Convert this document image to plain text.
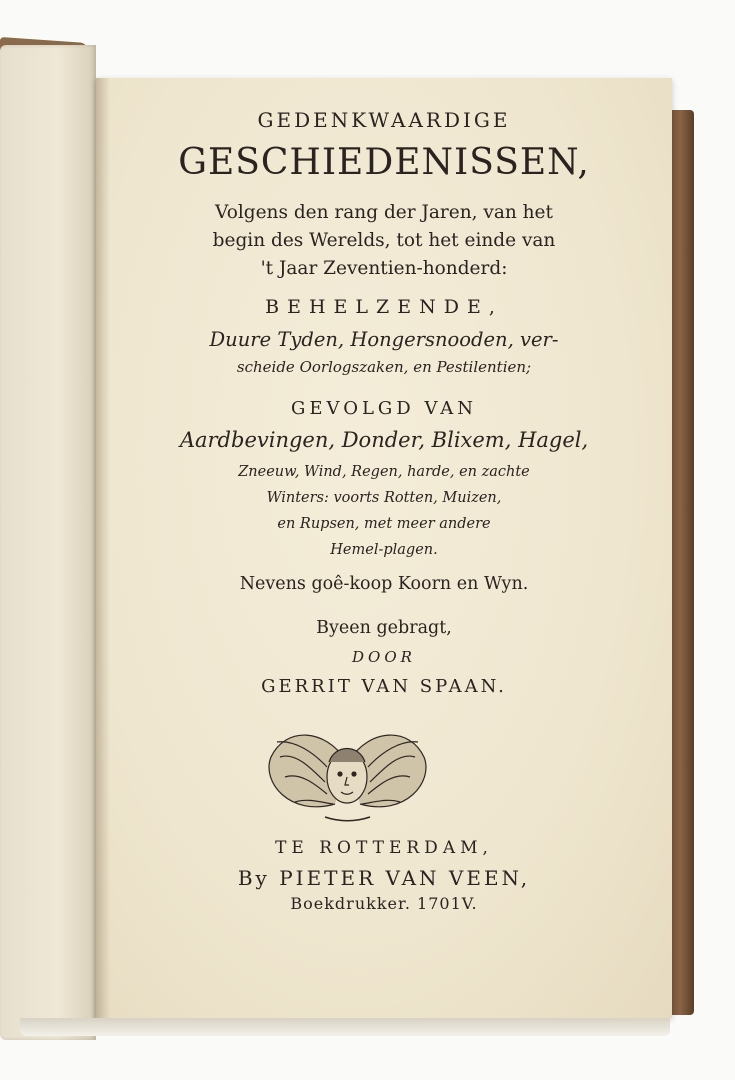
GEDENKWAARDIGE
GESCHIEDENISSEN,
Volgens den rang der Jaren, van het
begin des Werelds, tot het einde van
't Jaar Zeventien-honderd:
BEHELZENDE,
Duure Tyden, Hongersnooden, ver-
scheide Oorlogszaken, en Pestilentien;
GEVOLGD VAN
Aardbevingen, Donder, Blixem, Hagel,
Zneeuw, Wind, Regen, harde, en zachte
Winters: voorts Rotten, Muizen,
en Rupsen, met meer andere
Hemel-plagen.
Nevens goê-koop Koorn en Wyn.
Byeen gebragt,
DOOR
GERRIT VAN SPAAN.
TE ROTTERDAM,
By PIETER VAN VEEN,
Boekdrukker. 1701V.
